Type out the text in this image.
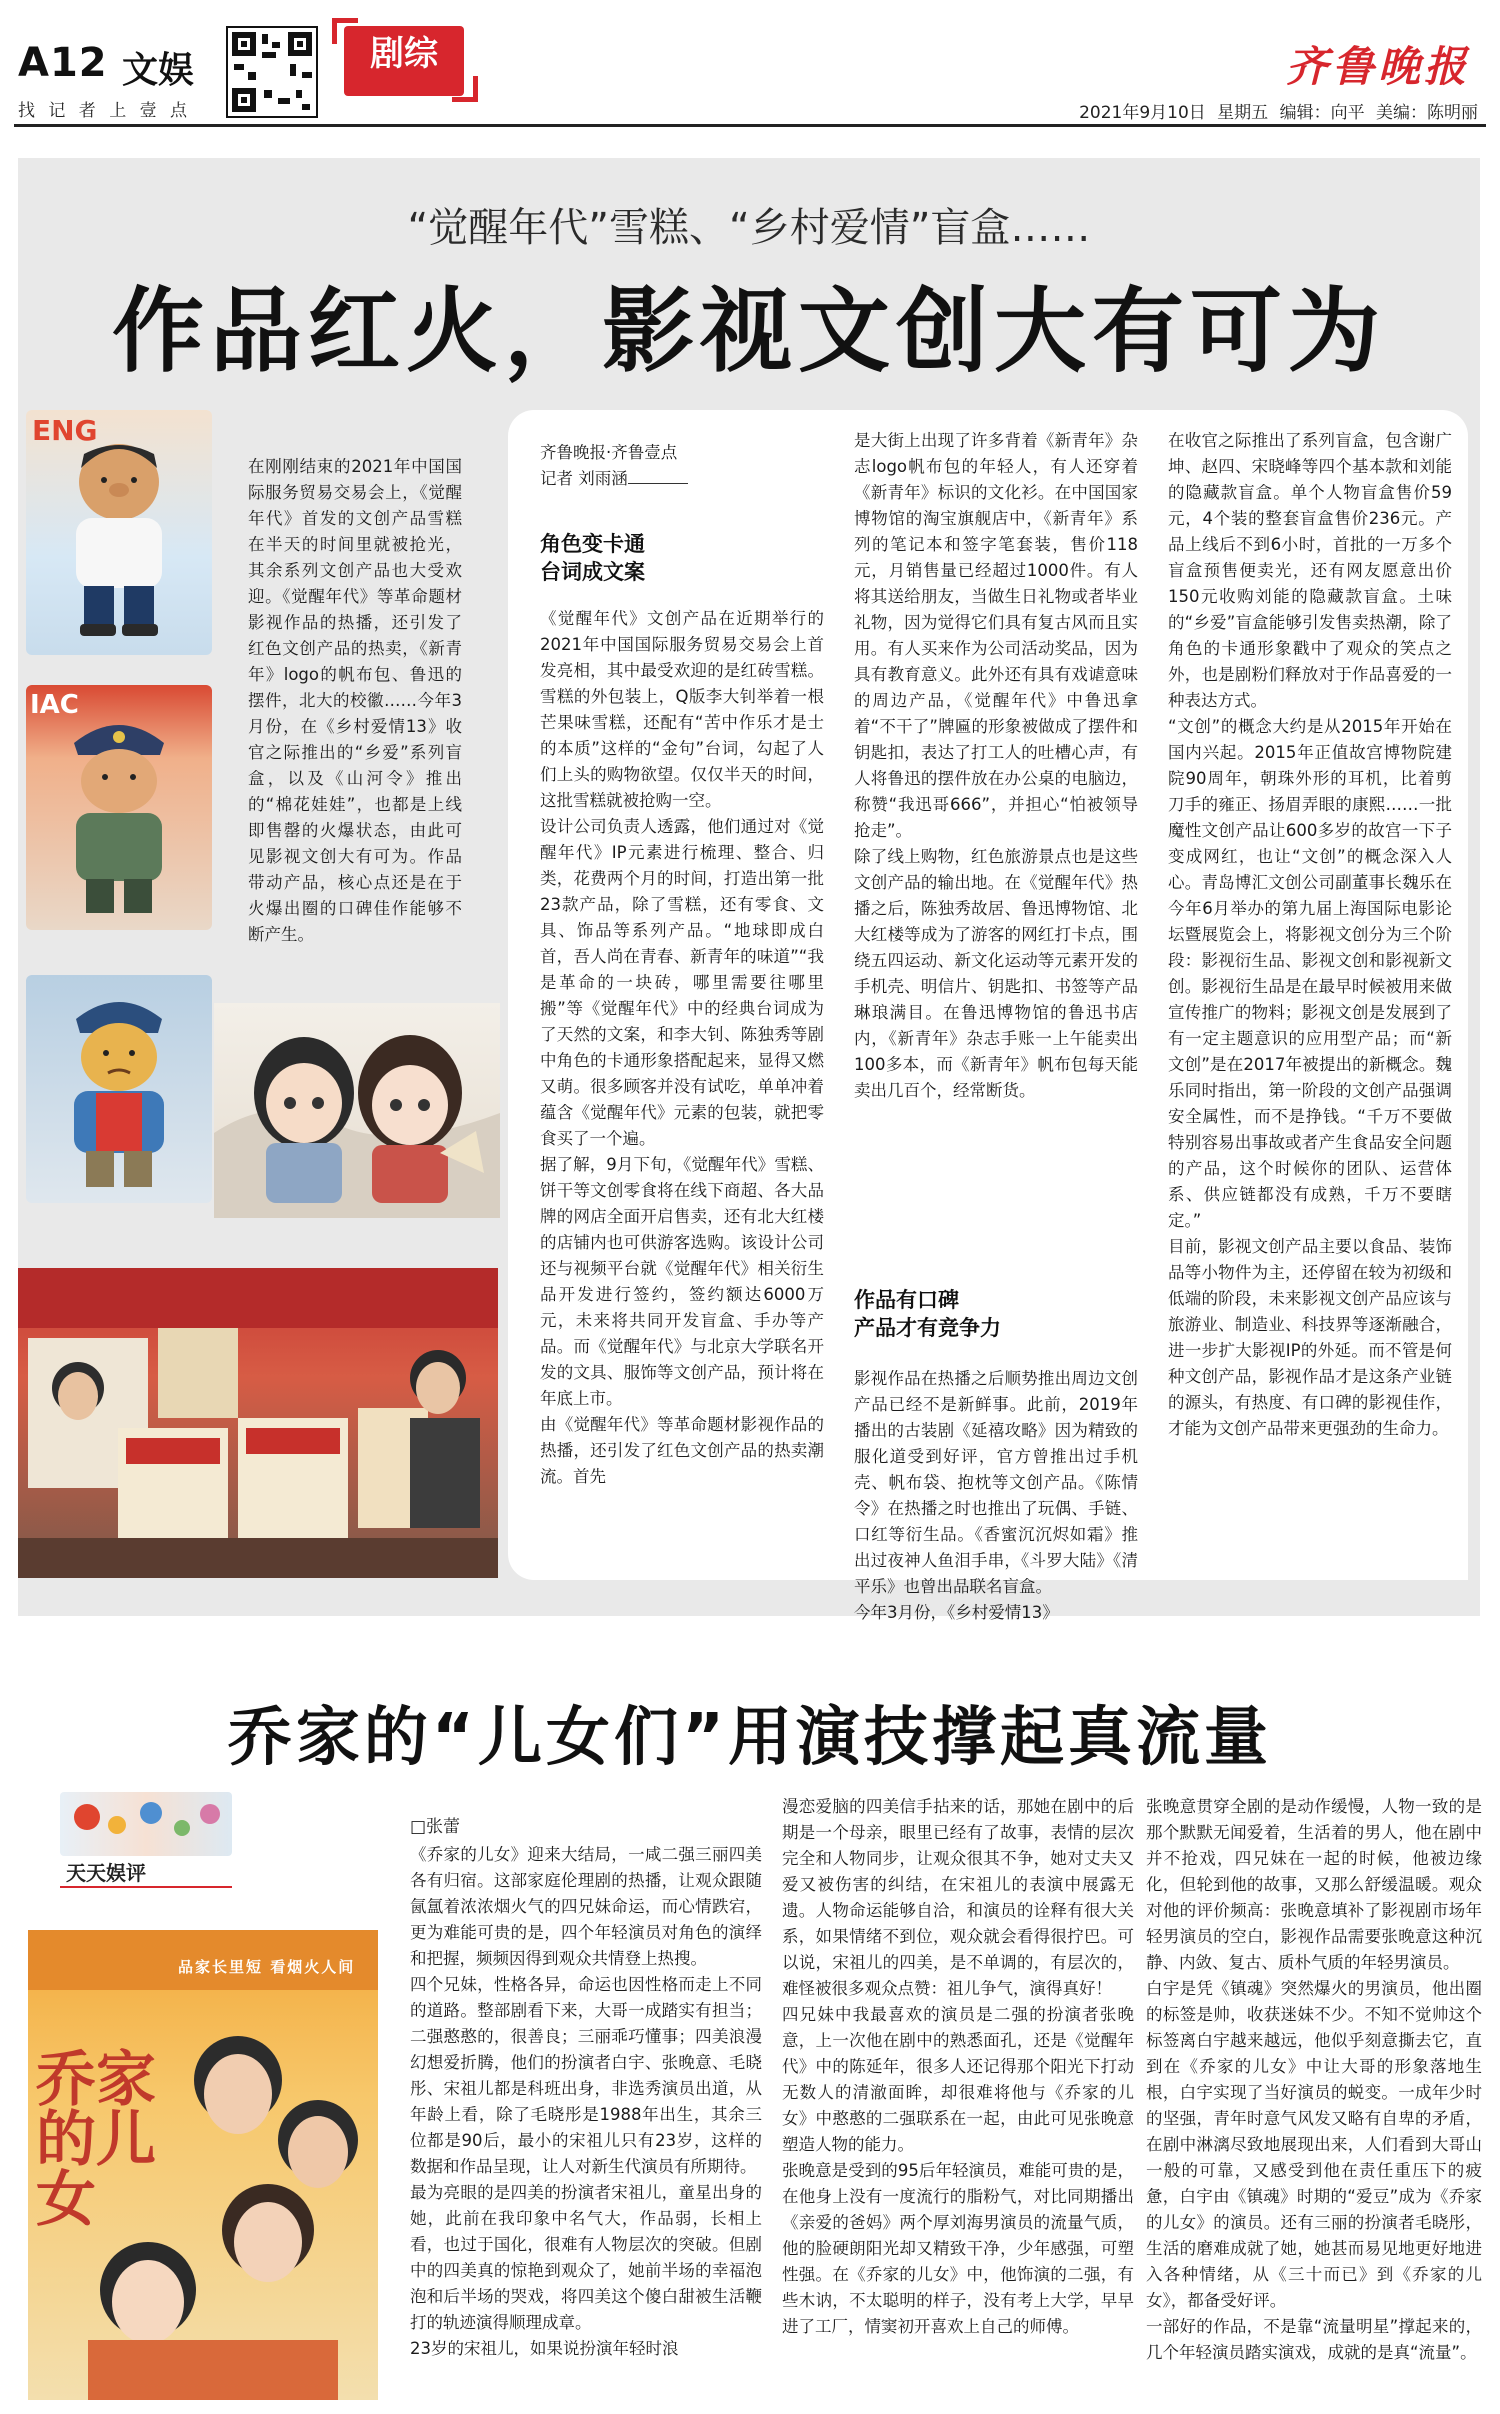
A12 文娱
找 记 者 上 壹 点
剧综	齐鲁晚报
2021年9月10日 星期五 编辑：向平 美编：陈明丽
“觉醒年代”雪糕、“乡村爱情”盲盒……
作品红火，影视文创大有可为
ENG
IAC
在刚刚结束的2021年中国国际服务贸易交易会上，《觉醒年代》首发的文创产品雪糕在半天的时间里就被抢光，其余系列文创产品也大受欢迎。《觉醒年代》等革命题材影视作品的热播，还引发了红色文创产品的热卖，《新青年》logo的帆布包、鲁迅的摆件，北大的校徽……今年3月份，在《乡村爱情13》收官之际推出的“乡爱”系列盲盒，以及《山河令》推出的“棉花娃娃”，也都是上线即售罄的火爆状态，由此可见影视文创大有可为。作品带动产品，核心点还是在于火爆出圈的口碑佳作能够不断产生。
齐鲁晚报·齐鲁壹点
记者 刘雨涵
角色变卡通
台词成文案
《觉醒年代》文创产品在近期举行的2021年中国国际服务贸易交易会上首发亮相，其中最受欢迎的是红砖雪糕。雪糕的外包装上，Q版李大钊举着一根芒果味雪糕，还配有“苦中作乐才是士的本质”这样的“金句”台词，勾起了人们上头的购物欲望。仅仅半天的时间，这批雪糕就被抢购一空。
设计公司负责人透露，他们通过对《觉醒年代》IP元素进行梳理、整合、归类，花费两个月的时间，打造出第一批23款产品，除了雪糕，还有零食、文具、饰品等系列产品。“地球即成白首，吾人尚在青春、新青年的味道”“我是革命的一块砖，哪里需要往哪里搬”等《觉醒年代》中的经典台词成为了天然的文案，和李大钊、陈独秀等剧中角色的卡通形象搭配起来，显得又燃又萌。很多顾客并没有试吃，单单冲着蕴含《觉醒年代》元素的包装，就把零食买了一个遍。
据了解，9月下旬，《觉醒年代》雪糕、饼干等文创零食将在线下商超、各大品牌的网店全面开启售卖，还有北大红楼的店铺内也可供游客选购。该设计公司还与视频平台就《觉醒年代》相关衍生品开发进行签约，签约额达6000万元，未来将共同开发盲盒、手办等产品。而《觉醒年代》与北京大学联名开发的文具、服饰等文创产品，预计将在年底上市。
由《觉醒年代》等革命题材影视作品的热播，还引发了红色文创产品的热卖潮流。首先
是大街上出现了许多背着《新青年》杂志logo帆布包的年轻人，有人还穿着《新青年》标识的文化衫。在中国国家博物馆的淘宝旗舰店中，《新青年》系列的笔记本和签字笔套装，售价118元，月销售量已经超过1000件。有人将其送给朋友，当做生日礼物或者毕业礼物，因为觉得它们具有复古风而且实用。有人买来作为公司活动奖品，因为具有教育意义。此外还有具有戏谑意味的周边产品，《觉醒年代》中鲁迅拿着“不干了”牌匾的形象被做成了摆件和钥匙扣，表达了打工人的吐槽心声，有人将鲁迅的摆件放在办公桌的电脑边，称赞“我迅哥666”，并担心“怕被领导抢走”。
除了线上购物，红色旅游景点也是这些文创产品的输出地。在《觉醒年代》热播之后，陈独秀故居、鲁迅博物馆、北大红楼等成为了游客的网红打卡点，围绕五四运动、新文化运动等元素开发的手机壳、明信片、钥匙扣、书签等产品琳琅满目。在鲁迅博物馆的鲁迅书店内，《新青年》杂志手账一上午能卖出100多本，而《新青年》帆布包每天能卖出几百个，经常断货。
作品有口碑
产品才有竞争力
影视作品在热播之后顺势推出周边文创产品已经不是新鲜事。此前，2019年播出的古装剧《延禧攻略》因为精致的服化道受到好评，官方曾推出过手机壳、帆布袋、抱枕等文创产品。《陈情令》在热播之时也推出了玩偶、手链、口红等衍生品。《香蜜沉沉烬如霜》推出过夜神人鱼泪手串，《斗罗大陆》《清平乐》也曾出品联名盲盒。
今年3月份，《乡村爱情13》
在收官之际推出了系列盲盒，包含谢广坤、赵四、宋晓峰等四个基本款和刘能的隐藏款盲盒。单个人物盲盒售价59元，4个装的整套盲盒售价236元。产品上线后不到6小时，首批的一万多个盲盒预售便卖光，还有网友愿意出价150元收购刘能的隐藏款盲盒。土味的“乡爱”盲盒能够引发售卖热潮，除了角色的卡通形象戳中了观众的笑点之外，也是剧粉们释放对于作品喜爱的一种表达方式。
“文创”的概念大约是从2015年开始在国内兴起。2015年正值故宫博物院建院90周年，朝珠外形的耳机，比着剪刀手的雍正、扬眉弄眼的康熙……一批魔性文创产品让600多岁的故宫一下子变成网红，也让“文创”的概念深入人心。青岛博汇文创公司副董事长魏乐在今年6月举办的第九届上海国际电影论坛暨展览会上，将影视文创分为三个阶段：影视衍生品、影视文创和影视新文创。影视衍生品是在最早时候被用来做宣传推广的物料；影视文创是发展到了有一定主题意识的应用型产品；而“新文创”是在2017年被提出的新概念。魏乐同时指出，第一阶段的文创产品强调安全属性，而不是挣钱。“千万不要做特别容易出事故或者产生食品安全问题的产品，这个时候你的团队、运营体系、供应链都没有成熟，千万不要瞎定。”
目前，影视文创产品主要以食品、装饰品等小物件为主，还停留在较为初级和低端的阶段，未来影视文创产品应该与旅游业、制造业、科技界等逐渐融合，进一步扩大影视IP的外延。而不管是何种文创产品，影视作品才是这条产业链的源头，有热度、有口碑的影视佳作，才能为文创产品带来更强劲的生命力。
乔家的“儿女们”用演技撑起真流量
天天娱评
品家长里短 看烟火人间
乔家的儿女
□张蕾
《乔家的儿女》迎来大结局，一咸二强三丽四美各有归宿。这部家庭伦理剧的热播，让观众跟随氤氲着浓浓烟火气的四兄妹命运，而心情跌宕，更为难能可贵的是，四个年轻演员对角色的演绎和把握，频频因得到观众共情登上热搜。
四个兄妹，性格各异，命运也因性格而走上不同的道路。整部剧看下来，大哥一成踏实有担当；二强憨憨的，很善良；三丽乖巧懂事；四美浪漫幻想爱折腾，他们的扮演者白宇、张晚意、毛晓彤、宋祖儿都是科班出身，非选秀演员出道，从年龄上看，除了毛晓彤是1988年出生，其余三位都是90后，最小的宋祖儿只有23岁，这样的数据和作品呈现，让人对新生代演员有所期待。
最为亮眼的是四美的扮演者宋祖儿，童星出身的她，此前在我印象中名气大，作品弱，长相上看，也过于国化，很难有人物层次的突破。但剧中的四美真的惊艳到观众了，她前半场的幸福泡泡和后半场的哭戏，将四美这个傻白甜被生活鞭打的轨迹演得顺理成章。
23岁的宋祖儿，如果说扮演年轻时浪
漫恋爱脑的四美信手拈来的话，那她在剧中的后期是一个母亲，眼里已经有了故事，表情的层次完全和人物同步，让观众很其不争，她对丈夫又爱又被伤害的纠结，在宋祖儿的表演中展露无遗。人物命运能够自洽，和演员的诠释有很大关系，如果情绪不到位，观众就会看得很拧巴。可以说，宋祖儿的四美，是不单调的，有层次的，难怪被很多观众点赞：祖儿争气，演得真好！
四兄妹中我最喜欢的演员是二强的扮演者张晚意，上一次他在剧中的熟悉面孔，还是《觉醒年代》中的陈延年，很多人还记得那个阳光下打动无数人的清澈面眸，却很难将他与《乔家的儿女》中憨憨的二强联系在一起，由此可见张晚意塑造人物的能力。
张晚意是受到的95后年轻演员，难能可贵的是，在他身上没有一度流行的脂粉气，对比同期播出《亲爱的爸妈》两个厚刘海男演员的流量气质，他的脸硬朗阳光却又精致干净，少年感强，可塑性强。在《乔家的儿女》中，他饰演的二强，有些木讷，不太聪明的样子，没有考上大学，早早进了工厂，情窦初开喜欢上自己的师傅。
张晚意贯穿全剧的是动作缓慢，人物一致的是那个默默无闻爱着，生活着的男人，他在剧中并不抢戏，四兄妹在一起的时候，他被边缘化，但轮到他的故事，又那么舒缓温暖。观众对他的评价频高：张晚意填补了影视剧市场年轻男演员的空白，影视作品需要张晚意这种沉静、内敛、复古、质朴气质的年轻男演员。
白宇是凭《镇魂》突然爆火的男演员，他出圈的标签是帅，收获迷妹不少。不知不觉帅这个标签离白宇越来越远，他似乎刻意撕去它，直到在《乔家的儿女》中让大哥的形象落地生根，白宇实现了当好演员的蜕变。一成年少时的坚强，青年时意气风发又略有自卑的矛盾，在剧中淋漓尽致地展现出来，人们看到大哥山一般的可靠，又感受到他在责任重压下的疲惫，白宇由《镇魂》时期的“爱豆”成为《乔家的儿女》的演员。还有三丽的扮演者毛晓彤，生活的磨难成就了她，她甚而易见地更好地进入各种情绪，从《三十而已》到《乔家的儿女》，都备受好评。
一部好的作品，不是靠“流量明星”撑起来的，几个年轻演员踏实演戏，成就的是真“流量”。
